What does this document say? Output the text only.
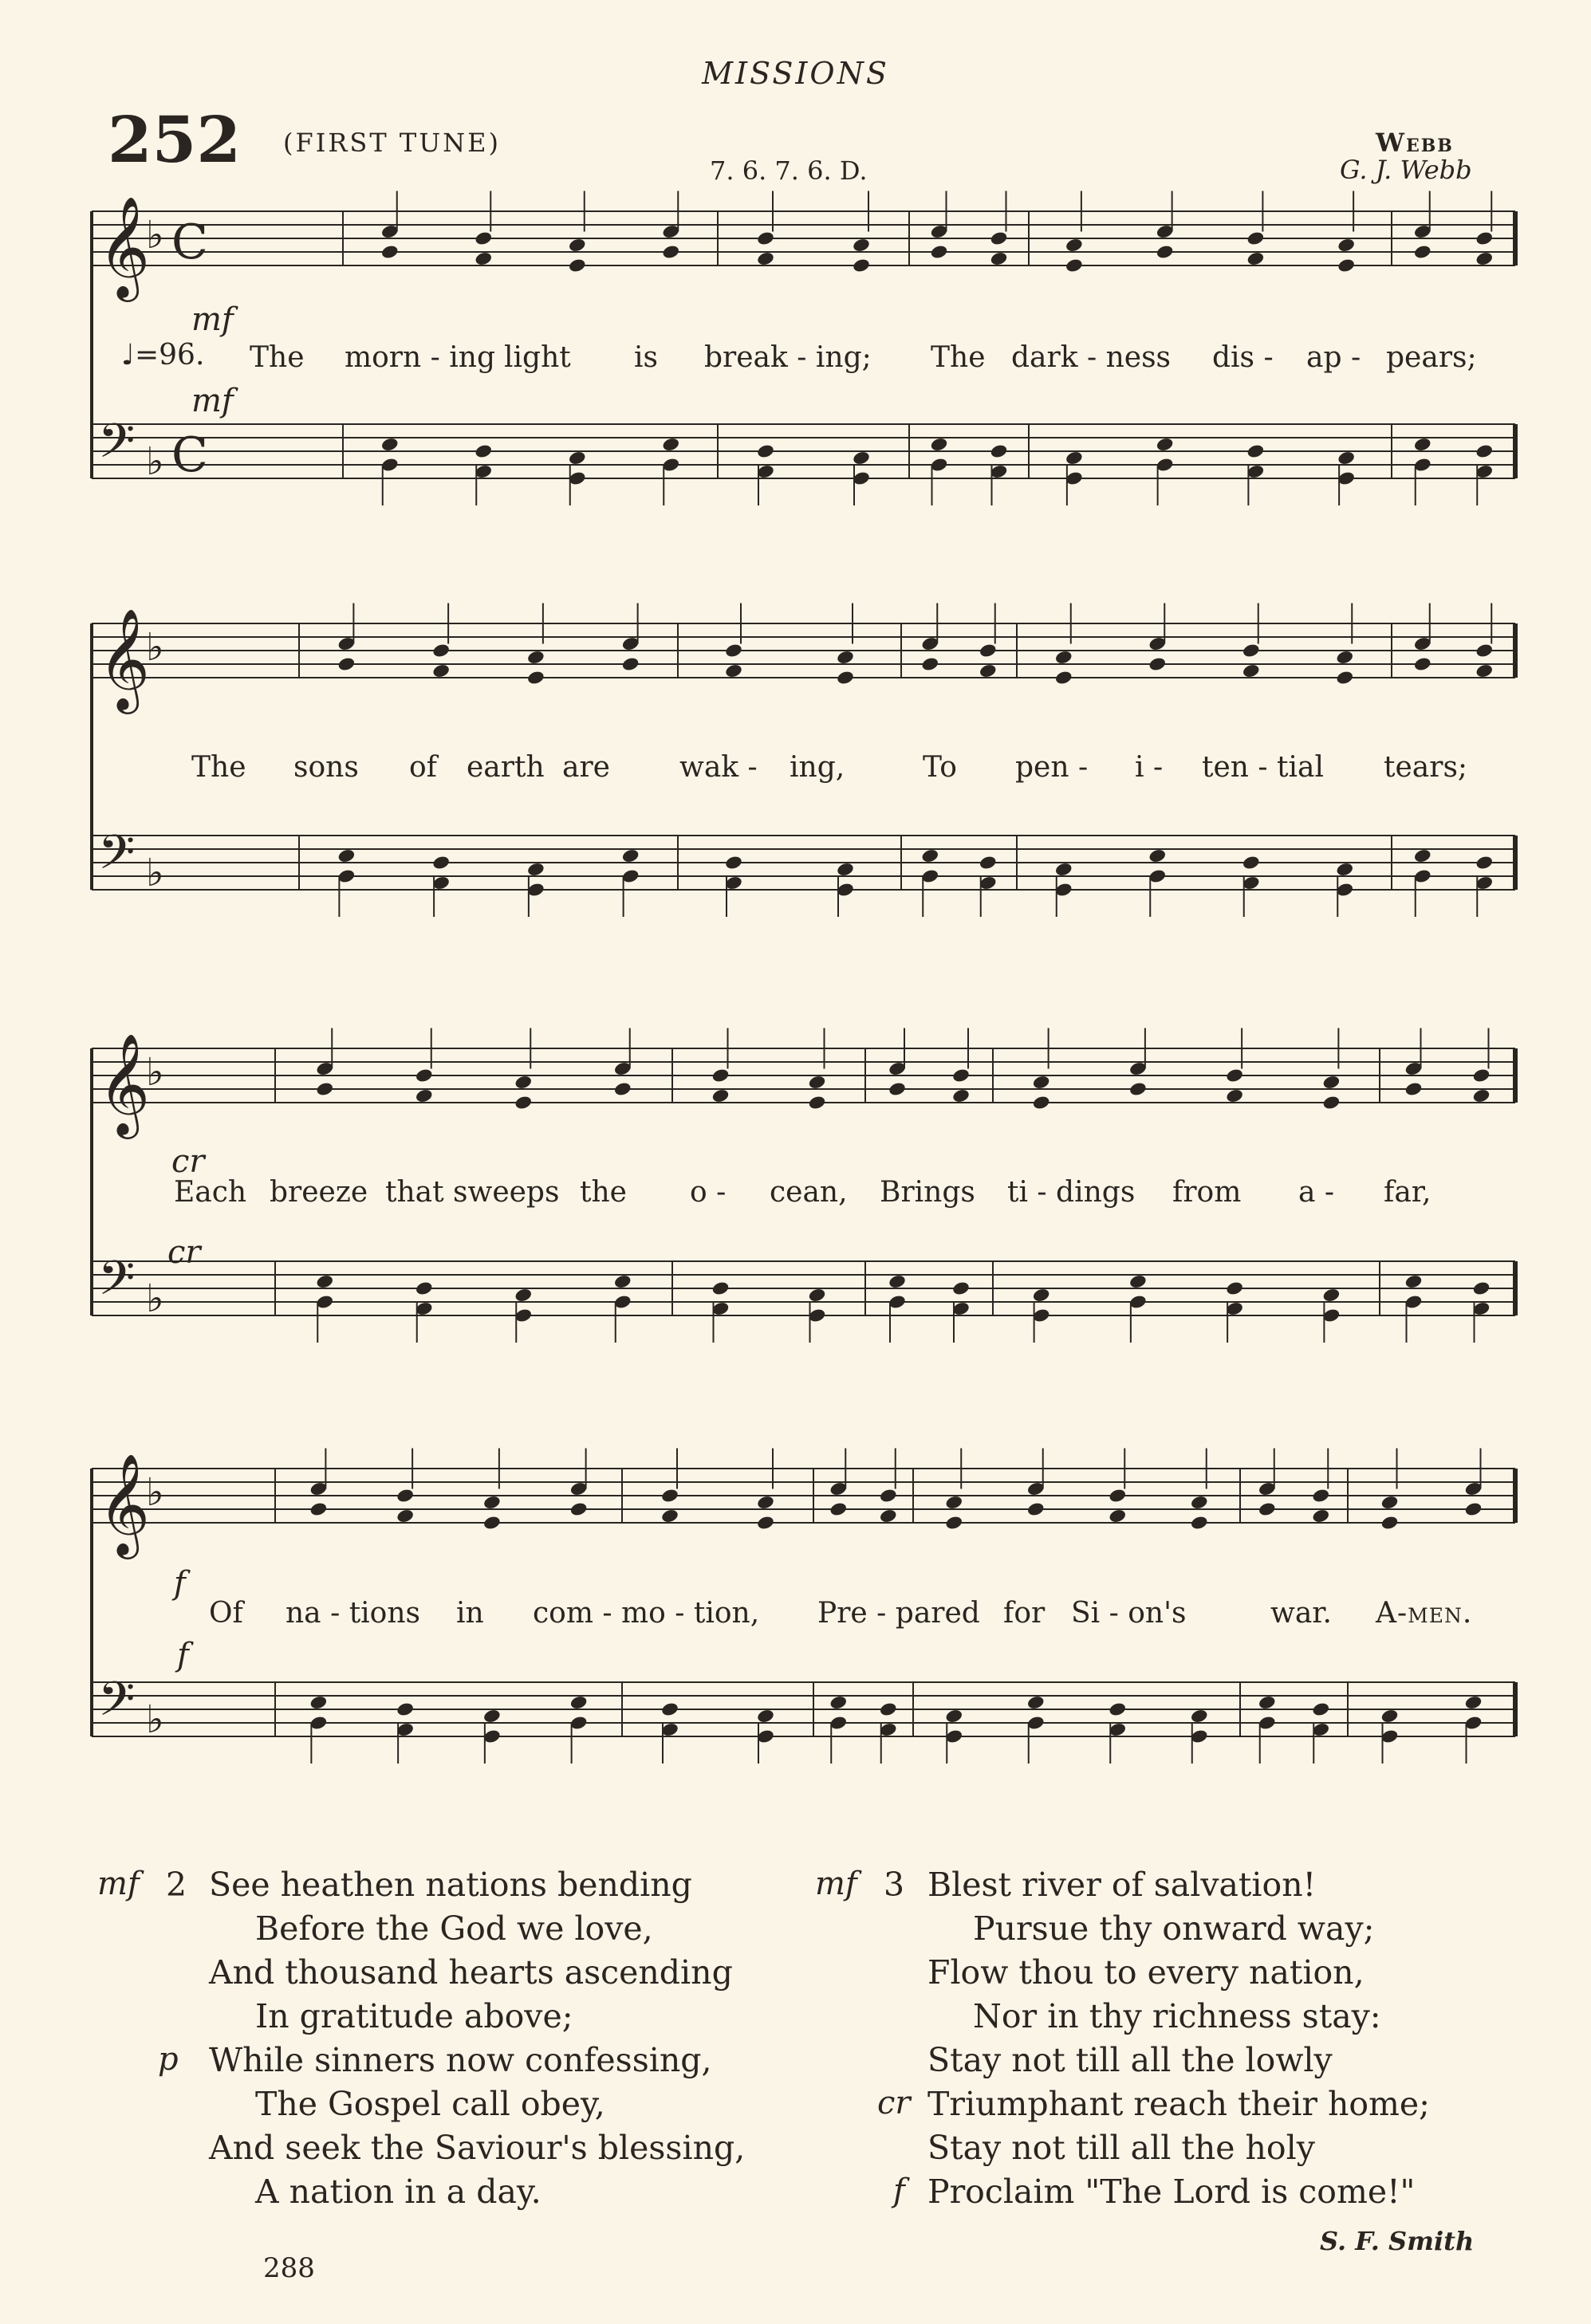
MISSIONS
252 (FIRST TUNE)
7. 6. 7. 6. D.
Webb
G. J. Webb
𝄞
♭ C
𝄢 ♭ C
𝄞
♭
𝄢 ♭
𝄞
♭
𝄢 ♭
𝄞
♭
𝄢 ♭
♩=96.
mf
mf
cr
cr
f
f
The morn - ing light is break - ing; The dark - ness dis - ap - pears;
The sons of earth are wak - ing,	To pen - i - ten - tial tears;
Each breeze that sweeps the o - cean, Brings ti - dings from a - far,
Of na - tions in com - mo - tion, Pre - pared for Si - on's	war. A-men.
mf 2 See heathen nations bending
Before the God we love,
And thousand hearts ascending
In gratitude above;
p While sinners now confessing,
The Gospel call obey,
And seek the Saviour's blessing,
A nation in a day.
mf 3 Blest river of salvation!
Pursue thy onward way;
Flow thou to every nation,
Nor in thy richness stay:
Stay not till all the lowly
cr Triumphant reach their home;
Stay not till all the holy
f Proclaim "The Lord is come!"
S. F. Smith
288
